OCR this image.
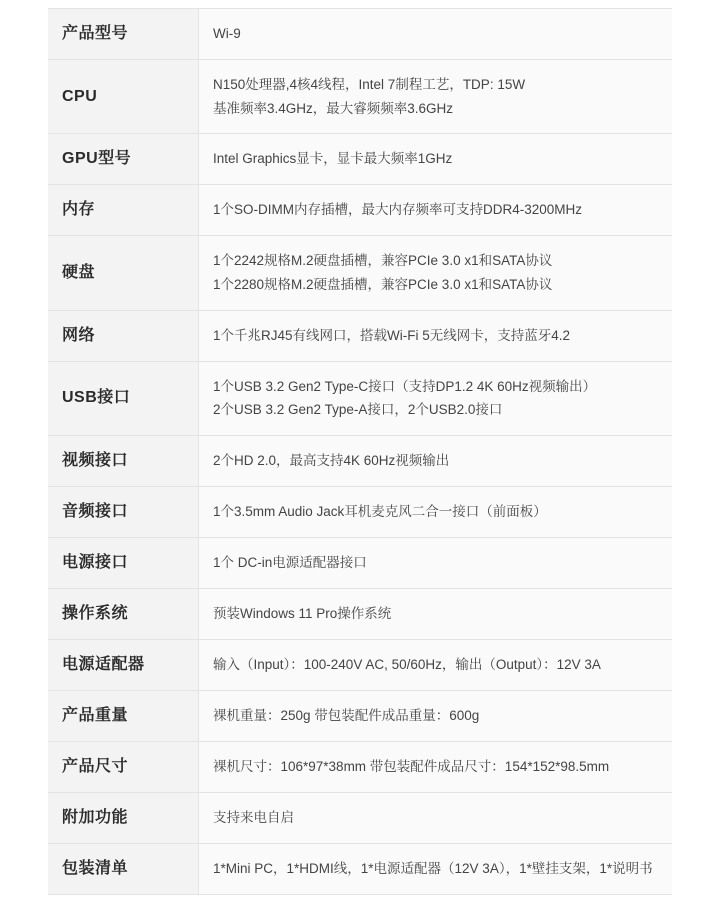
产品型号	Wi-9

CPU	N150处理器,4核4线程，Intel 7制程工艺，TDP: 15W
基准频率3.4GHz，最大睿频频率3.6GHz

GPU型号	Intel Graphics显卡，显卡最大频率1GHz

内存	1个SO-DIMM内存插槽，最大内存频率可支持DDR4-3200MHz

硬盘	1个2242规格M.2硬盘插槽，兼容PCIe 3.0 x1和SATA协议
1个2280规格M.2硬盘插槽，兼容PCIe 3.0 x1和SATA协议

网络	1个千兆RJ45有线网口，搭载Wi-Fi 5无线网卡，支持蓝牙4.2

USB接口	1个USB 3.2 Gen2 Type-C接口（支持DP1.2 4K 60Hz视频输出）
2个USB 3.2 Gen2 Type-A接口，2个USB2.0接口

视频接口	2个HD 2.0，最高支持4K 60Hz视频输出

音频接口	1个3.5mm Audio Jack耳机麦克风二合一接口（前面板）

电源接口	1个 DC-in电源适配器接口

操作系统	预装Windows 11 Pro操作系统

电源适配器	输入（Input）：100-240V AC, 50/60Hz，输出（Output）：12V 3A

产品重量	裸机重量：250g 带包装配件成品重量：600g

产品尺寸	裸机尺寸：106*97*38mm 带包装配件成品尺寸：154*152*98.5mm

附加功能	支持来电自启

包装清单	1*Mini PC，1*HDMI线，1*电源适配器（12V 3A），1*壁挂支架，1*说明书
